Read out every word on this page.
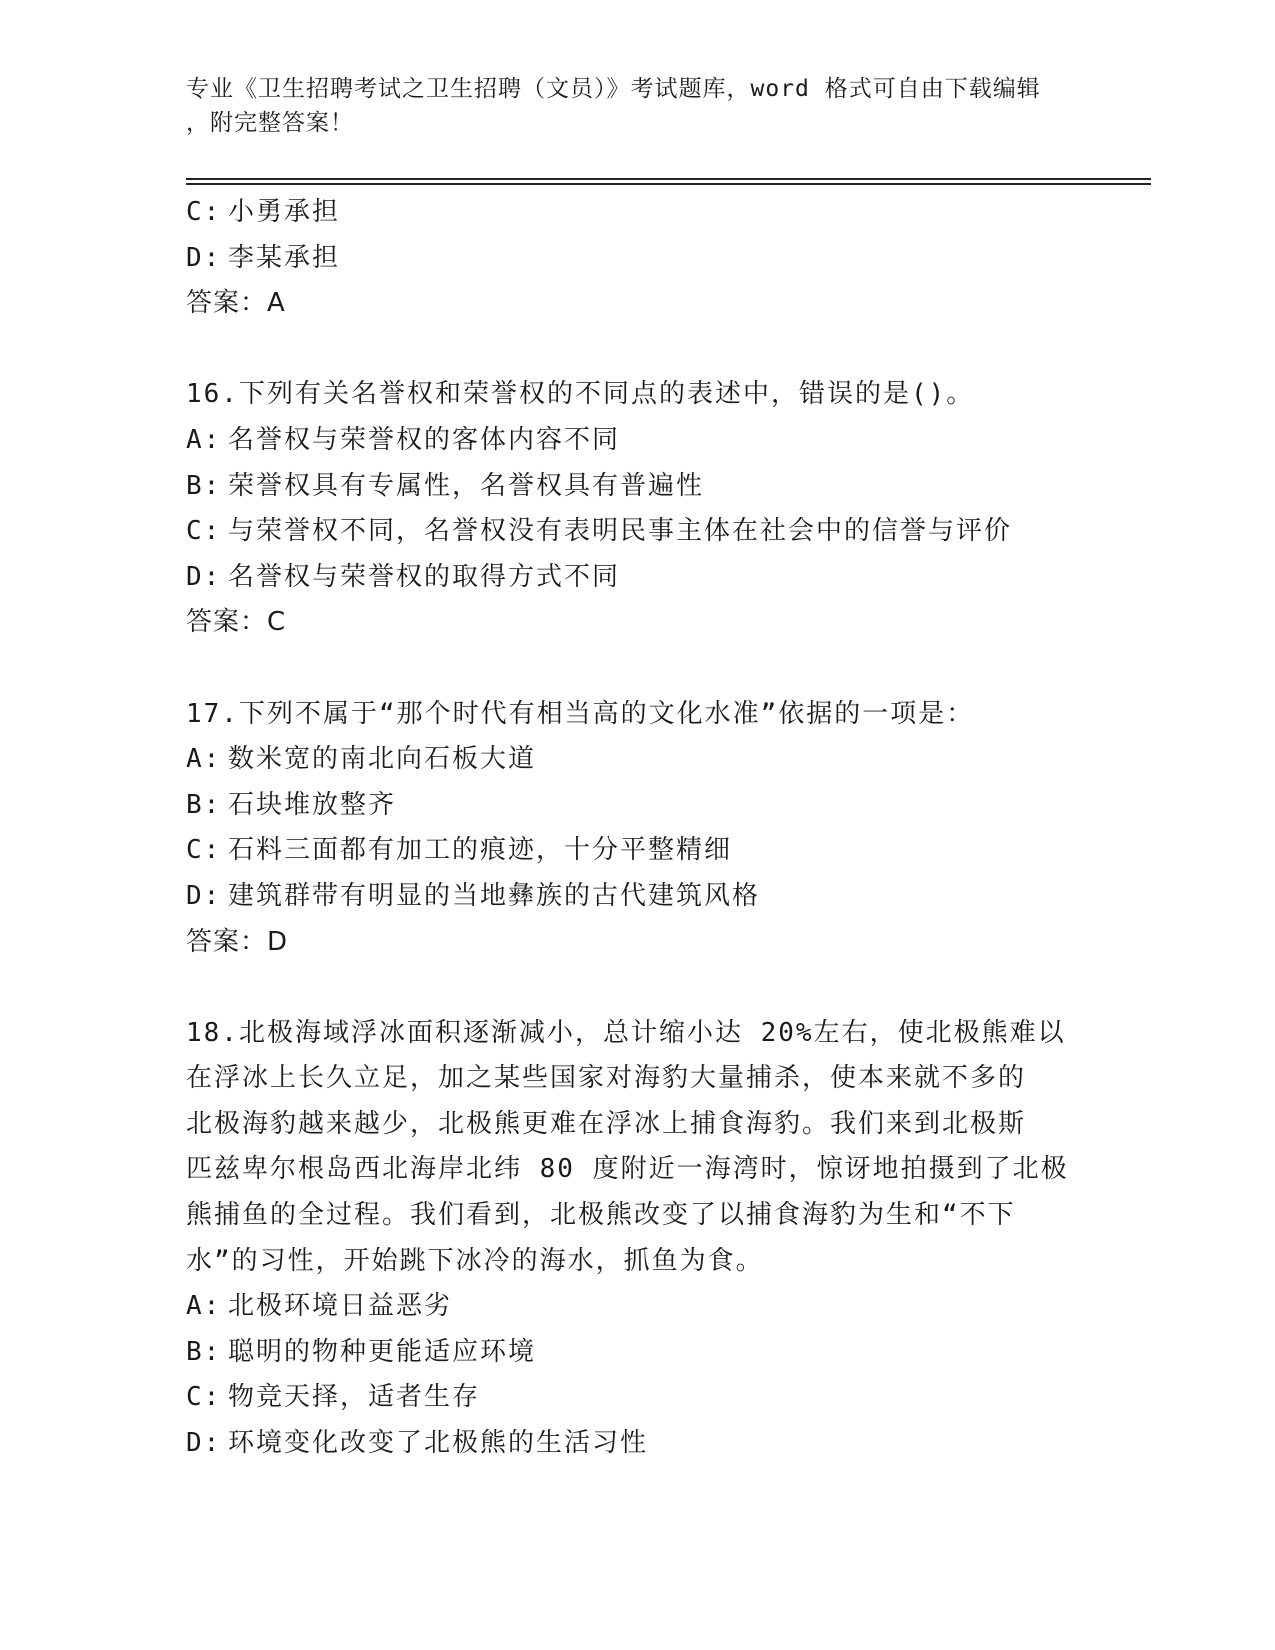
专业《卫生招聘考试之卫生招聘（文员）》考试题库，word 格式可自由下载编辑
，附完整答案！
C: 小勇承担
D: 李某承担
答案：A
16.下列有关名誉权和荣誉权的不同点的表述中，错误的是()。
A: 名誉权与荣誉权的客体内容不同
B: 荣誉权具有专属性，名誉权具有普遍性
C: 与荣誉权不同，名誉权没有表明民事主体在社会中的信誉与评价
D: 名誉权与荣誉权的取得方式不同
答案：C
17.下列不属于“那个时代有相当高的文化水准”依据的一项是：
A: 数米宽的南北向石板大道
B: 石块堆放整齐
C: 石料三面都有加工的痕迹，十分平整精细
D: 建筑群带有明显的当地彝族的古代建筑风格
答案：D
18.北极海域浮冰面积逐渐减小，总计缩小达 20%左右，使北极熊难以
在浮冰上长久立足，加之某些国家对海豹大量捕杀，使本来就不多的
北极海豹越来越少，北极熊更难在浮冰上捕食海豹。我们来到北极斯
匹兹卑尔根岛西北海岸北纬 80 度附近一海湾时，惊讶地拍摄到了北极
熊捕鱼的全过程。我们看到，北极熊改变了以捕食海豹为生和“不下
水”的习性，开始跳下冰冷的海水，抓鱼为食。
A: 北极环境日益恶劣
B: 聪明的物种更能适应环境
C: 物竞天择，适者生存
D: 环境变化改变了北极熊的生活习性
